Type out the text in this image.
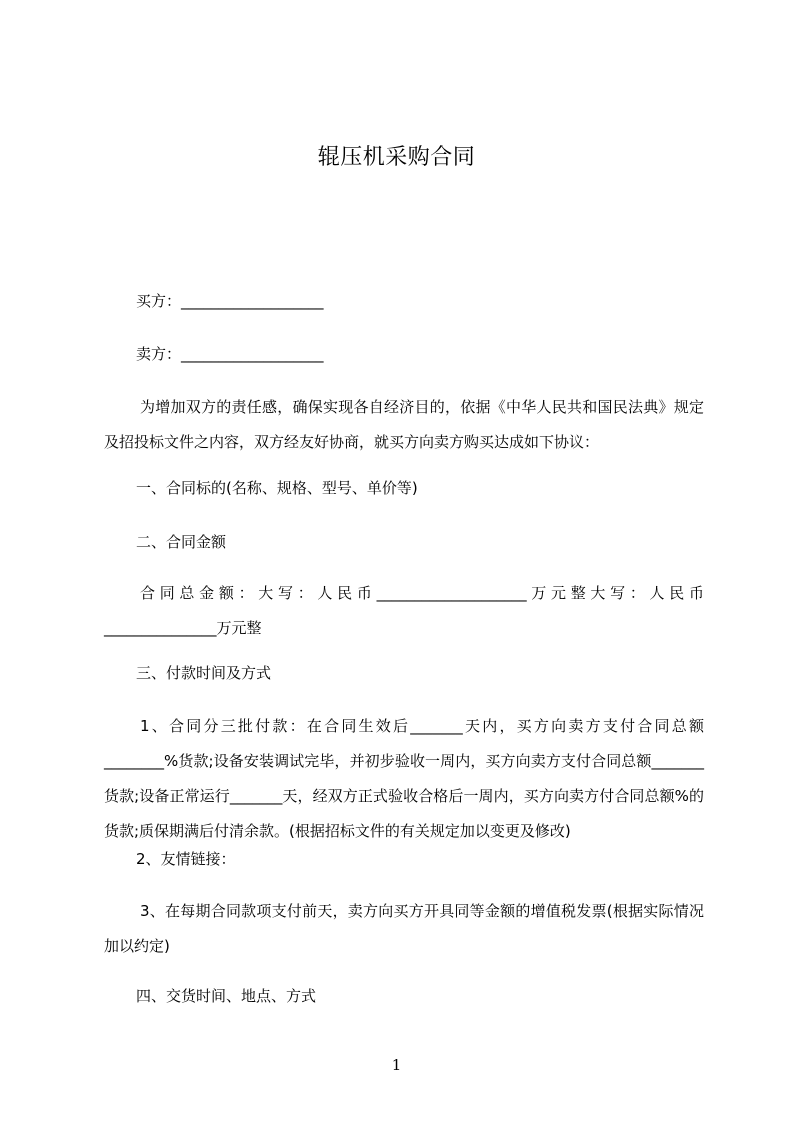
辊压机采购合同
买方：___________________
卖方：___________________
为增加双方的责任感，确保实现各自经济目的，依据《中华人民共和国民法典》规定及招投标文件之内容，双方经友好协商，就买方向卖方购买达成如下协议：
一、合同标的(名称、规格、型号、单价等)
二、合同金额
合同总金额：大写：人民币____________________万元整大写：人民币_______________万元整
三、付款时间及方式
1、合同分三批付款：在合同生效后_______天内，买方向卖方支付合同总额________%货款;设备安装调试完毕，并初步验收一周内，买方向卖方支付合同总额_______ 货款;设备正常运行_______天，经双方正式验收合格后一周内，买方向卖方付合同总额%的货款;质保期满后付清余款。(根据招标文件的有关规定加以变更及修改)
2、友情链接：
3、在每期合同款项支付前天，卖方向买方开具同等金额的增值税发票(根据实际情况加以约定)
四、交货时间、地点、方式
1
